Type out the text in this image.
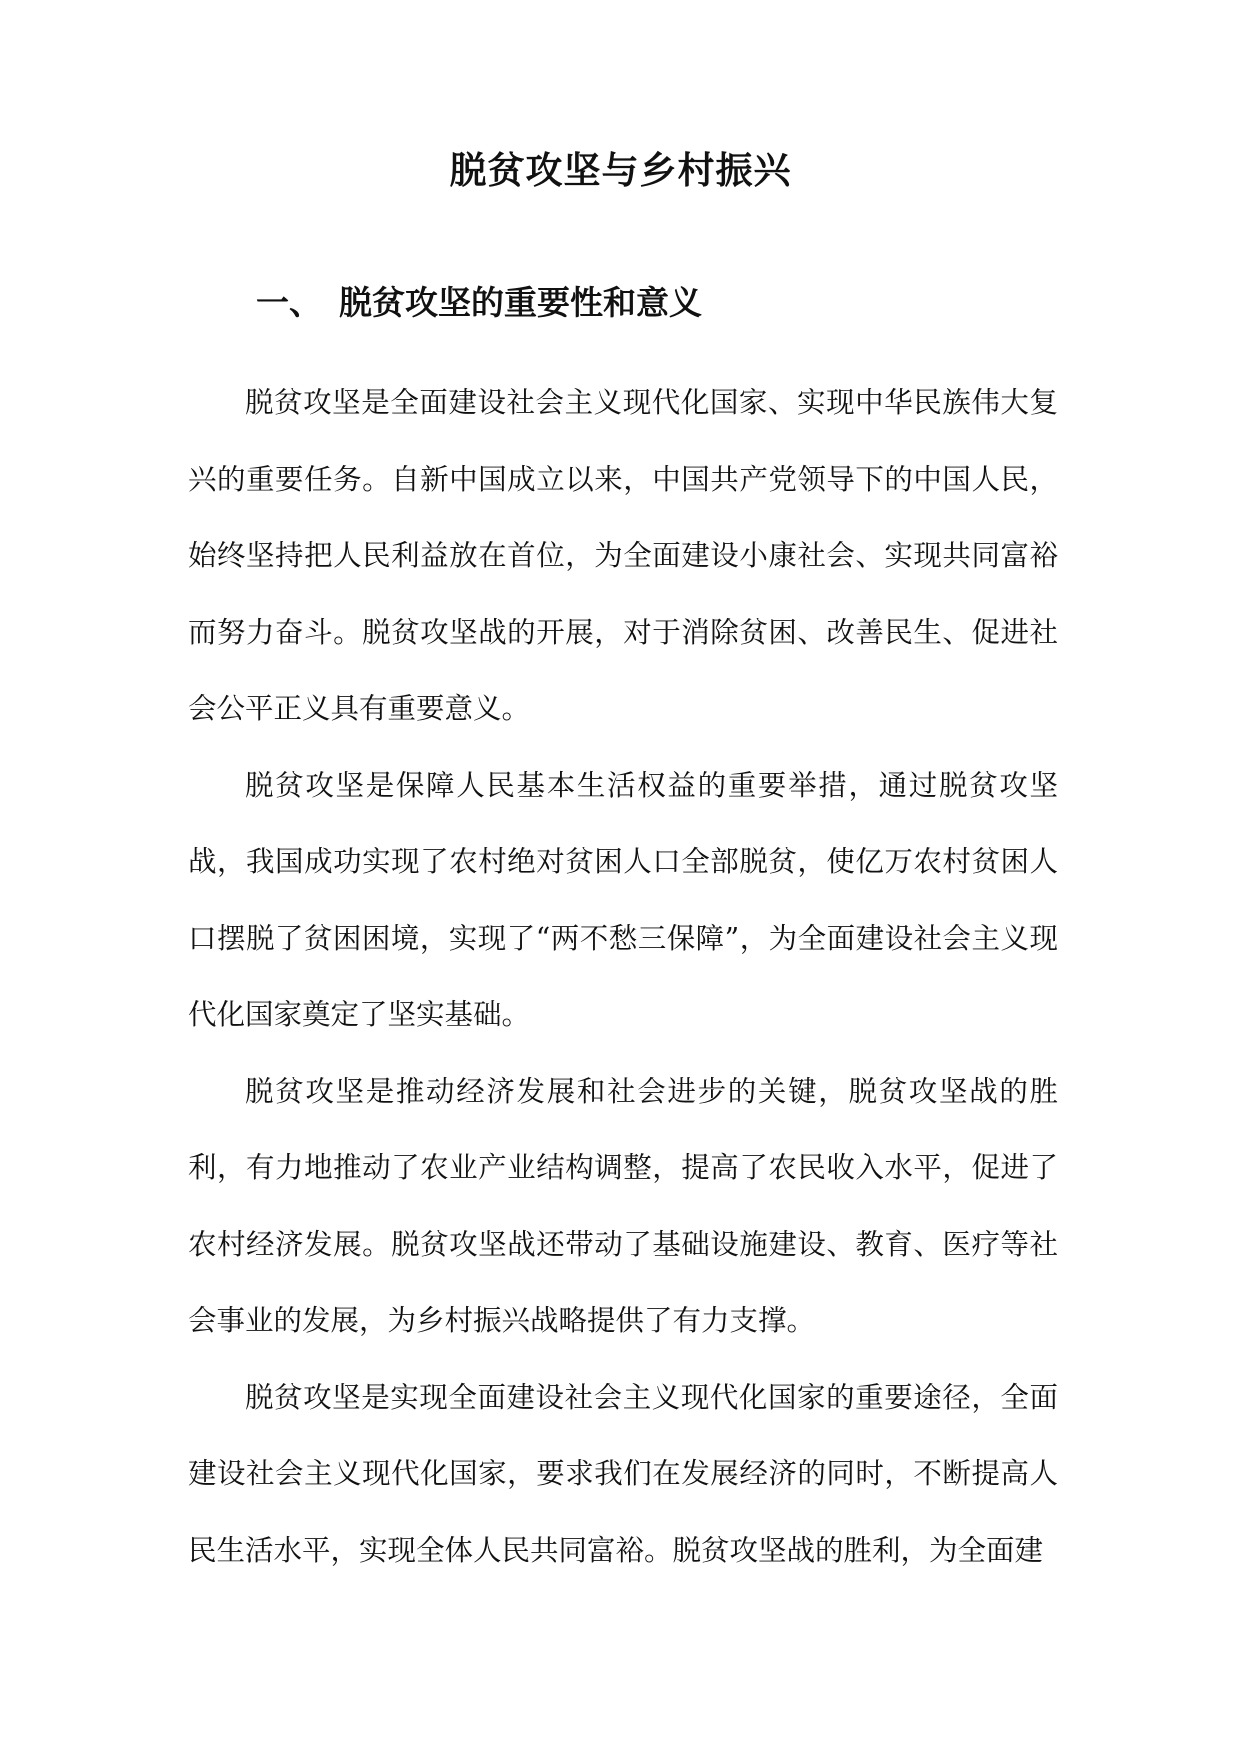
脱贫攻坚与乡村振兴
一、 脱贫攻坚的重要性和意义

脱贫攻坚是全面建设社会主义现代化国家、实现中华民族伟大复兴的重要任务。自新中国成立以来，中国共产党领导下的中国人民，始终坚持把人民利益放在首位，为全面建设小康社会、实现共同富裕而努力奋斗。脱贫攻坚战的开展，对于消除贫困、改善民生、促进社会公平正义具有重要意义。

脱贫攻坚是保障人民基本生活权益的重要举措，通过脱贫攻坚战，我国成功实现了农村绝对贫困人口全部脱贫，使亿万农村贫困人口摆脱了贫困困境，实现了“两不愁三保障”，为全面建设社会主义现代化国家奠定了坚实基础。

脱贫攻坚是推动经济发展和社会进步的关键，脱贫攻坚战的胜利，有力地推动了农业产业结构调整，提高了农民收入水平，促进了农村经济发展。脱贫攻坚战还带动了基础设施建设、教育、医疗等社会事业的发展，为乡村振兴战略提供了有力支撑。

脱贫攻坚是实现全面建设社会主义现代化国家的重要途径，全面建设社会主义现代化国家，要求我们在发展经济的同时，不断提高人民生活水平，实现全体人民共同富裕。脱贫攻坚战的胜利，为全面建
